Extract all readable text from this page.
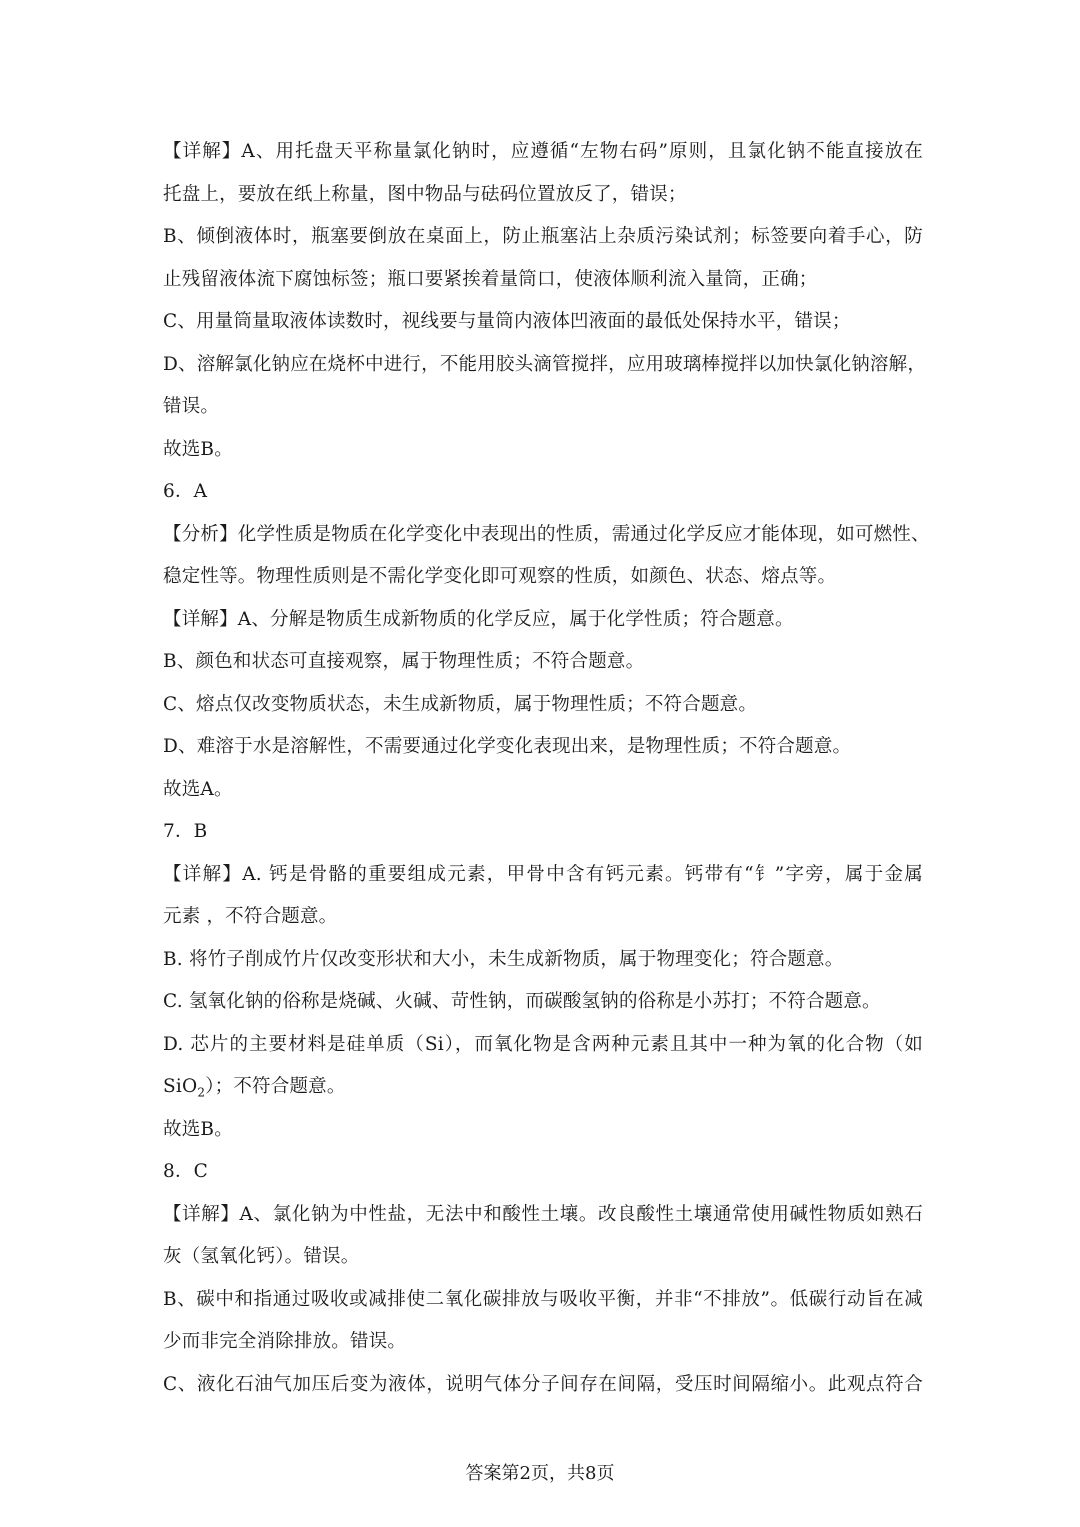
【详解】A、用托盘天平称量氯化钠时，应遵循“左物右码”原则，且氯化钠不能直接放在
托盘上，要放在纸上称量，图中物品与砝码位置放反了，错误；
B、倾倒液体时，瓶塞要倒放在桌面上，防止瓶塞沾上杂质污染试剂；标签要向着手心，防
止残留液体流下腐蚀标签；瓶口要紧挨着量筒口，使液体顺利流入量筒，正确；
C、用量筒量取液体读数时，视线要与量筒内液体凹液面的最低处保持水平，错误；
D、溶解氯化钠应在烧杯中进行，不能用胶头滴管搅拌，应用玻璃棒搅拌以加快氯化钠溶解，
错误。
故选B。
6．A
【分析】化学性质是物质在化学变化中表现出的性质，需通过化学反应才能体现，如可燃性、
稳定性等。物理性质则是不需化学变化即可观察的性质，如颜色、状态、熔点等。
【详解】A、分解是物质生成新物质的化学反应，属于化学性质；符合题意。
B、颜色和状态可直接观察，属于物理性质；不符合题意。
C、熔点仅改变物质状态，未生成新物质，属于物理性质；不符合题意。
D、难溶于水是溶解性，不需要通过化学变化表现出来，是物理性质；不符合题意。
故选A。
7．B
【详解】A. 钙是骨骼的重要组成元素，甲骨中含有钙元素。钙带有“钅”字旁，属于金属
元素 ，不符合题意。
B. 将竹子削成竹片仅改变形状和大小，未生成新物质，属于物理变化；符合题意。
C. 氢氧化钠的俗称是烧碱、火碱、苛性钠，而碳酸氢钠的俗称是小苏打；不符合题意。
D. 芯片的主要材料是硅单质（Si），而氧化物是含两种元素且其中一种为氧的化合物（如
SiO$_2$）；不符合题意。
故选B。
8．C
【详解】A、氯化钠为中性盐，无法中和酸性土壤。改良酸性土壤通常使用碱性物质如熟石
灰（氢氧化钙）。错误。
B、碳中和指通过吸收或减排使二氧化碳排放与吸收平衡，并非“不排放”。低碳行动旨在减
少而非完全消除排放。错误。
C、液化石油气加压后变为液体，说明气体分子间存在间隔，受压时间隔缩小。此观点符合
答案第2页，共8页
